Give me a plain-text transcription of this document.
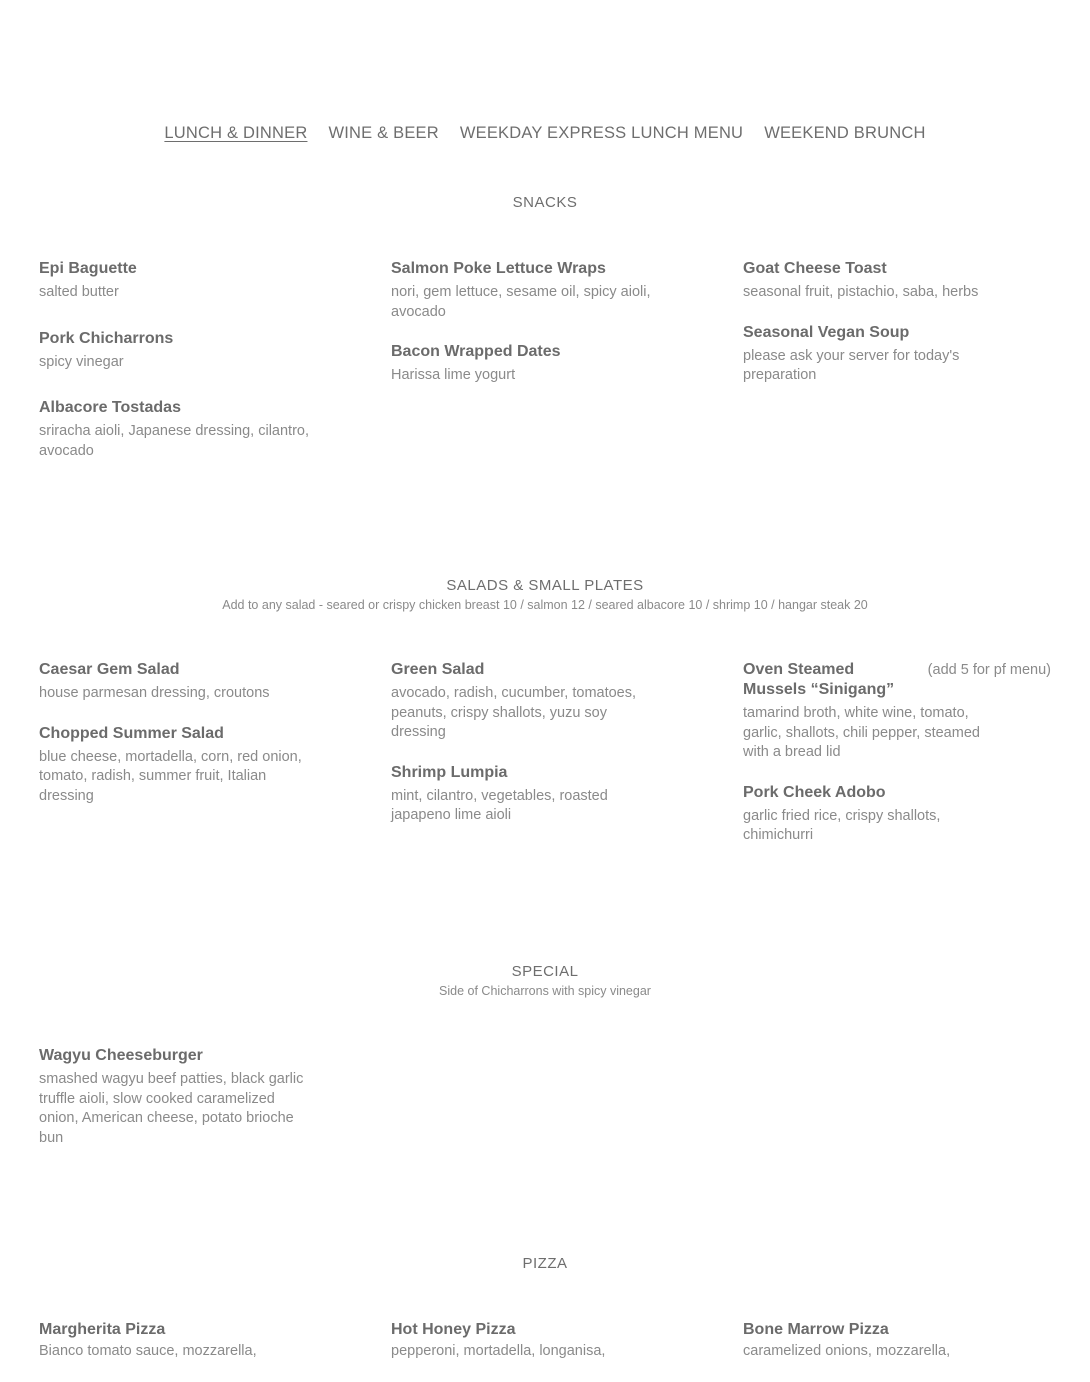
LUNCH & DINNER WINE & BEER WEEKDAY EXPRESS LUNCH MENU WEEKEND BRUNCH
SNACKS
Epi Baguette
salted butter
Pork Chicharrons
spicy vinegar
Albacore Tostadas
sriracha aioli, Japanese dressing, cilantro, avocado
Salmon Poke Lettuce Wraps
nori, gem lettuce, sesame oil, spicy aioli, avocado
Bacon Wrapped Dates
Harissa lime yogurt
Goat Cheese Toast
seasonal fruit, pistachio, saba, herbs
Seasonal Vegan Soup
please ask your server for today's preparation
SALADS & SMALL PLATES
Add to any salad - seared or crispy chicken breast 10 / salmon 12 / seared albacore 10 / shrimp 10 / hangar steak 20
Caesar Gem Salad
house parmesan dressing, croutons
Chopped Summer Salad
blue cheese, mortadella, corn, red onion, tomato, radish, summer fruit, Italian dressing
Green Salad
avocado, radish, cucumber, tomatoes, peanuts, crispy shallots, yuzu soy dressing
Shrimp Lumpia
mint, cilantro, vegetables, roasted japapeno lime aioli
Oven Steamed Mussels “Sinigang”
(add 5 for pf menu)
tamarind broth, white wine, tomato, garlic, shallots, chili pepper, steamed with a bread lid
Pork Cheek Adobo
garlic fried rice, crispy shallots, chimichurri
SPECIAL
Side of Chicharrons with spicy vinegar
Wagyu Cheeseburger
smashed wagyu beef patties, black garlic truffle aioli, slow cooked caramelized onion, American cheese, potato brioche bun
PIZZA
Margherita Pizza
Bianco tomato sauce, mozzarella,
Hot Honey Pizza
pepperoni, mortadella, longanisa,
Bone Marrow Pizza
caramelized onions, mozzarella,
